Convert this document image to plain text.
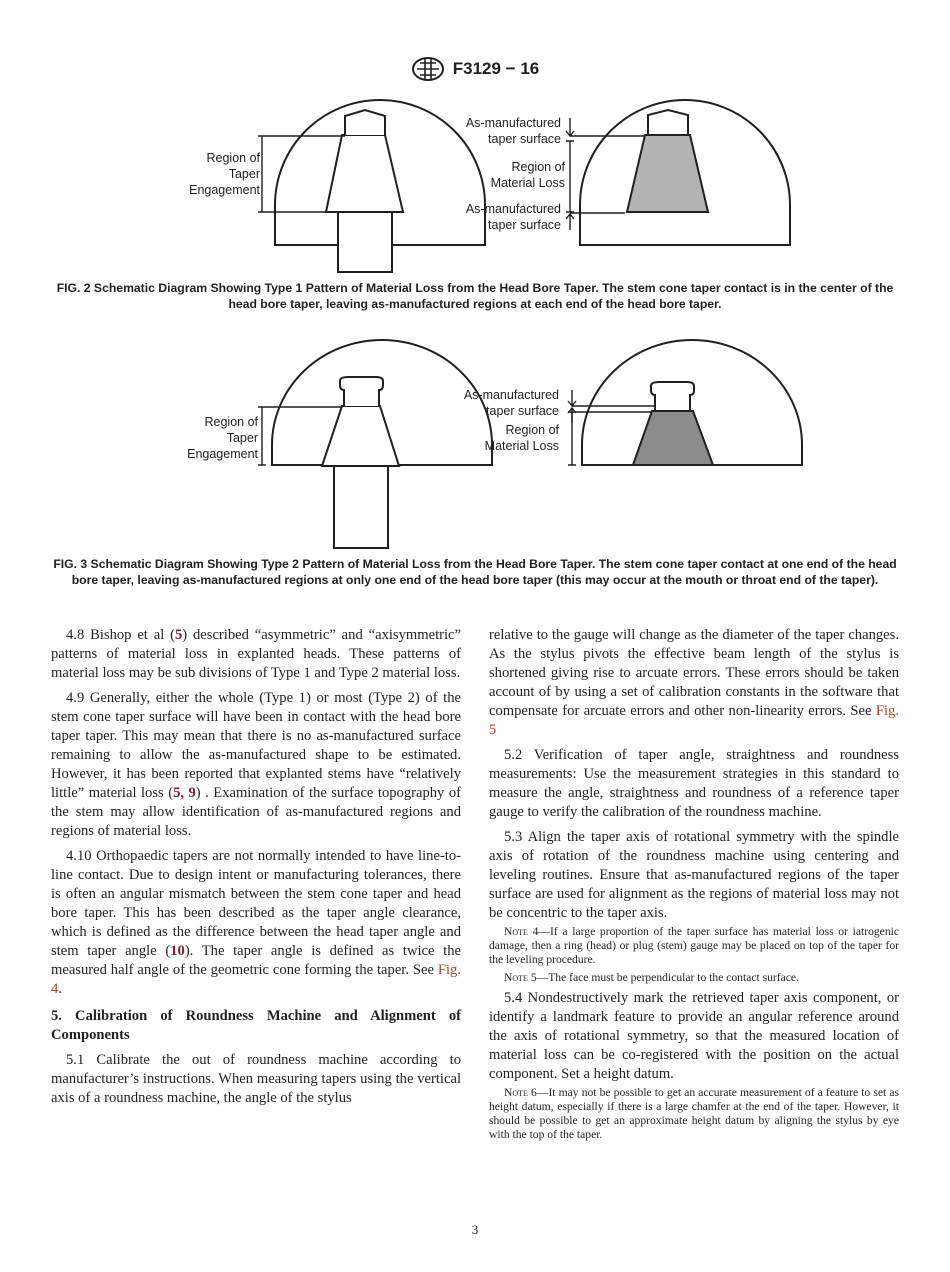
F3129 − 16
Region of
Taper
Engagement
As-manufactured
taper surface
Region of
Material Loss
As-manufactured
taper surface
FIG. 2 Schematic Diagram Showing Type 1 Pattern of Material Loss from the Head Bore Taper. The stem cone taper contact is in the center of the head bore taper, leaving as-manufactured regions at each end of the head bore taper.
Region of
Taper
Engagement
As-manufactured
taper surface
Region of
Material Loss
FIG. 3 Schematic Diagram Showing Type 2 Pattern of Material Loss from the Head Bore Taper. The stem cone taper contact at one end of the head bore taper, leaving as-manufactured regions at only one end of the head bore taper (this may occur at the mouth or throat end of the taper).

4.8 Bishop et al (5) described “asymmetric” and “axisymmetric” patterns of material loss in explanted heads. These patterns of material loss may be sub divisions of Type 1 and Type 2 material loss.

4.9 Generally, either the whole (Type 1) or most (Type 2) of the stem cone taper surface will have been in contact with the head bore taper taper. This may mean that there is no as-manufactured surface remaining to allow the as-manufactured shape to be estimated. However, it has been reported that explanted stems have “relatively little” material loss (5, 9) . Examination of the surface topography of the stem may allow identification of as-manufactured regions and regions of material loss.

4.10 Orthopaedic tapers are not normally intended to have line-to-line contact. Due to design intent or manufacturing tolerances, there is often an angular mismatch between the stem cone taper and head bore taper. This has been described as the taper angle clearance, which is defined as the difference between the head taper angle and stem taper angle (10). The taper angle is defined as twice the measured half angle of the geometric cone forming the taper. See Fig. 4.

5. Calibration of Roundness Machine and Alignment of Components

5.1 Calibrate the out of roundness machine according to manufacturer’s instructions. When measuring tapers using the vertical axis of a roundness machine, the angle of the stylus

relative to the gauge will change as the diameter of the taper changes. As the stylus pivots the effective beam length of the stylus is shortened giving rise to arcuate errors. These errors should be taken account of by using a set of calibration constants in the software that compensate for arcuate errors and other non-linearity errors. See Fig. 5

5.2 Verification of taper angle, straightness and roundness measurements: Use the measurement strategies in this standard to measure the angle, straightness and roundness of a reference taper gauge to verify the calibration of the roundness machine.

5.3 Align the taper axis of rotational symmetry with the spindle axis of rotation of the roundness machine using centering and leveling routines. Ensure that as-manufactured regions of the taper surface are used for alignment as the regions of material loss may not be concentric to the taper axis.

Note 4—If a large proportion of the taper surface has material loss or iatrogenic damage, then a ring (head) or plug (stem) gauge may be placed on top of the taper for the leveling procedure.
Note 5—The face must be perpendicular to the contact surface.

5.4 Nondestructively mark the retrieved taper axis component, or identify a landmark feature to provide an angular reference around the axis of rotational symmetry, so that the measured location of material loss can be co-registered with the position on the actual component. Set a height datum.

Note 6—It may not be possible to get an accurate measurement of a feature to set as height datum, especially if there is a large chamfer at the end of the taper. However, it should be possible to get an approximate height datum by aligning the stylus by eye with the top of the taper.
3
